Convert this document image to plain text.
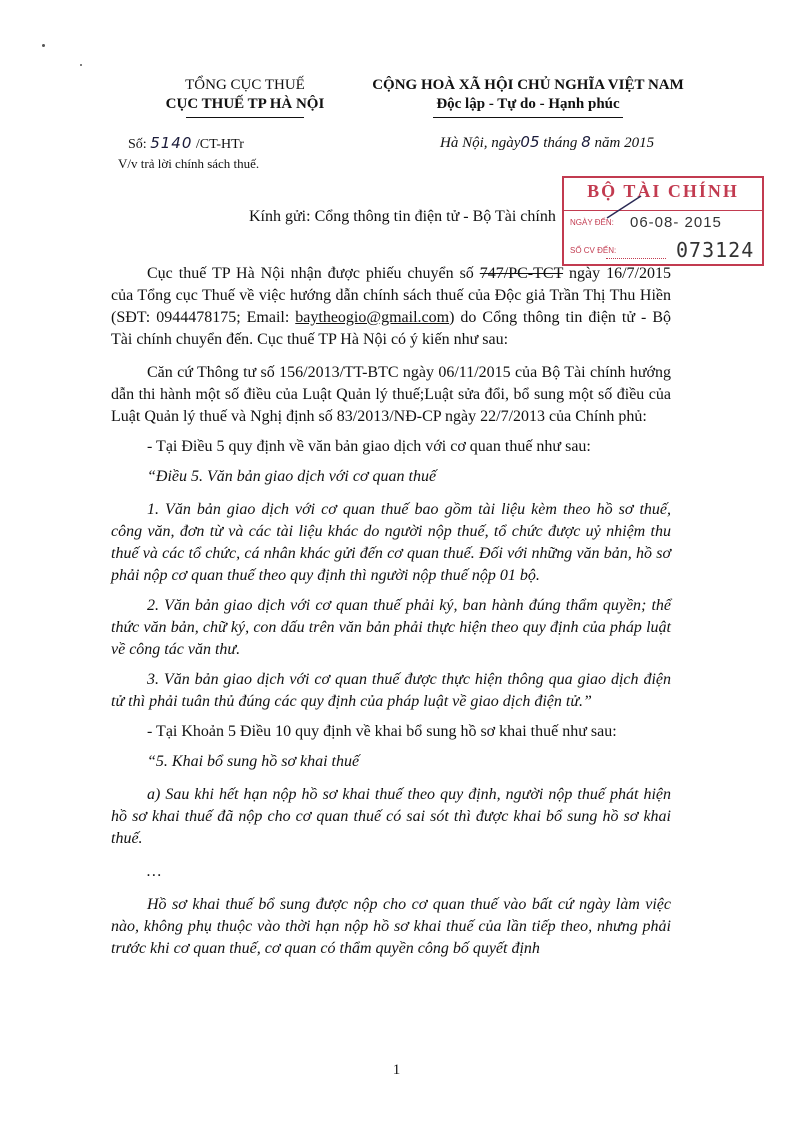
TỔNG CỤC THUẾ
CỤC THUẾ TP HÀ NỘI
CỘNG HOÀ XÃ HỘI CHỦ NGHĨA VIỆT NAM
Độc lập - Tự do - Hạnh phúc
Số: 5140 /CT-HTr
V/v trả lời chính sách thuế.
Hà Nội, ngày05 tháng 8 năm 2015
BỘ TÀI CHÍNH
NGÀY ĐẾN: 06-08- 2015
SỐ CV ĐẾN:	073124

Kính gửi: Cổng thông tin điện tử - Bộ Tài chính

Cục thuế TP Hà Nội nhận được phiếu chuyển số 747/PC-TCT ngày 16/7/2015 của Tổng cục Thuế về việc hướng dẫn chính sách thuế của Độc giả Trần Thị Thu Hiền (SĐT: 0944478175; Email: baytheogio@gmail.com) do Cổng thông tin điện tử - Bộ Tài chính chuyển đến. Cục thuế TP Hà Nội có ý kiến như sau:

Căn cứ Thông tư số 156/2013/TT-BTC ngày 06/11/2015 của Bộ Tài chính hướng dẫn thi hành một số điều của Luật Quản lý thuế;Luật sửa đổi, bổ sung một số điều của Luật Quản lý thuế và Nghị định số 83/2013/NĐ-CP ngày 22/7/2013 của Chính phủ:

- Tại Điều 5 quy định về văn bản giao dịch với cơ quan thuế như sau:

“Điều 5. Văn bản giao dịch với cơ quan thuế

1. Văn bản giao dịch với cơ quan thuế bao gồm tài liệu kèm theo hồ sơ thuế, công văn, đơn từ và các tài liệu khác do người nộp thuế, tổ chức được uỷ nhiệm thu thuế và các tổ chức, cá nhân khác gửi đến cơ quan thuế. Đối với những văn bản, hồ sơ phải nộp cơ quan thuế theo quy định thì người nộp thuế nộp 01 bộ.

2. Văn bản giao dịch với cơ quan thuế phải ký, ban hành đúng thẩm quyền; thể thức văn bản, chữ ký, con dấu trên văn bản phải thực hiện theo quy định của pháp luật về công tác văn thư.

3. Văn bản giao dịch với cơ quan thuế được thực hiện thông qua giao dịch điện tử thì phải tuân thủ đúng các quy định của pháp luật về giao dịch điện tử.”

- Tại Khoản 5 Điều 10 quy định về khai bổ sung hồ sơ khai thuế như sau:

“5. Khai bổ sung hồ sơ khai thuế

a) Sau khi hết hạn nộp hồ sơ khai thuế theo quy định, người nộp thuế phát hiện hồ sơ khai thuế đã nộp cho cơ quan thuế có sai sót thì được khai bổ sung hồ sơ khai thuế.

…

Hồ sơ khai thuế bổ sung được nộp cho cơ quan thuế vào bất cứ ngày làm việc nào, không phụ thuộc vào thời hạn nộp hồ sơ khai thuế của lần tiếp theo, nhưng phải trước khi cơ quan thuế, cơ quan có thẩm quyền công bố quyết định

1
